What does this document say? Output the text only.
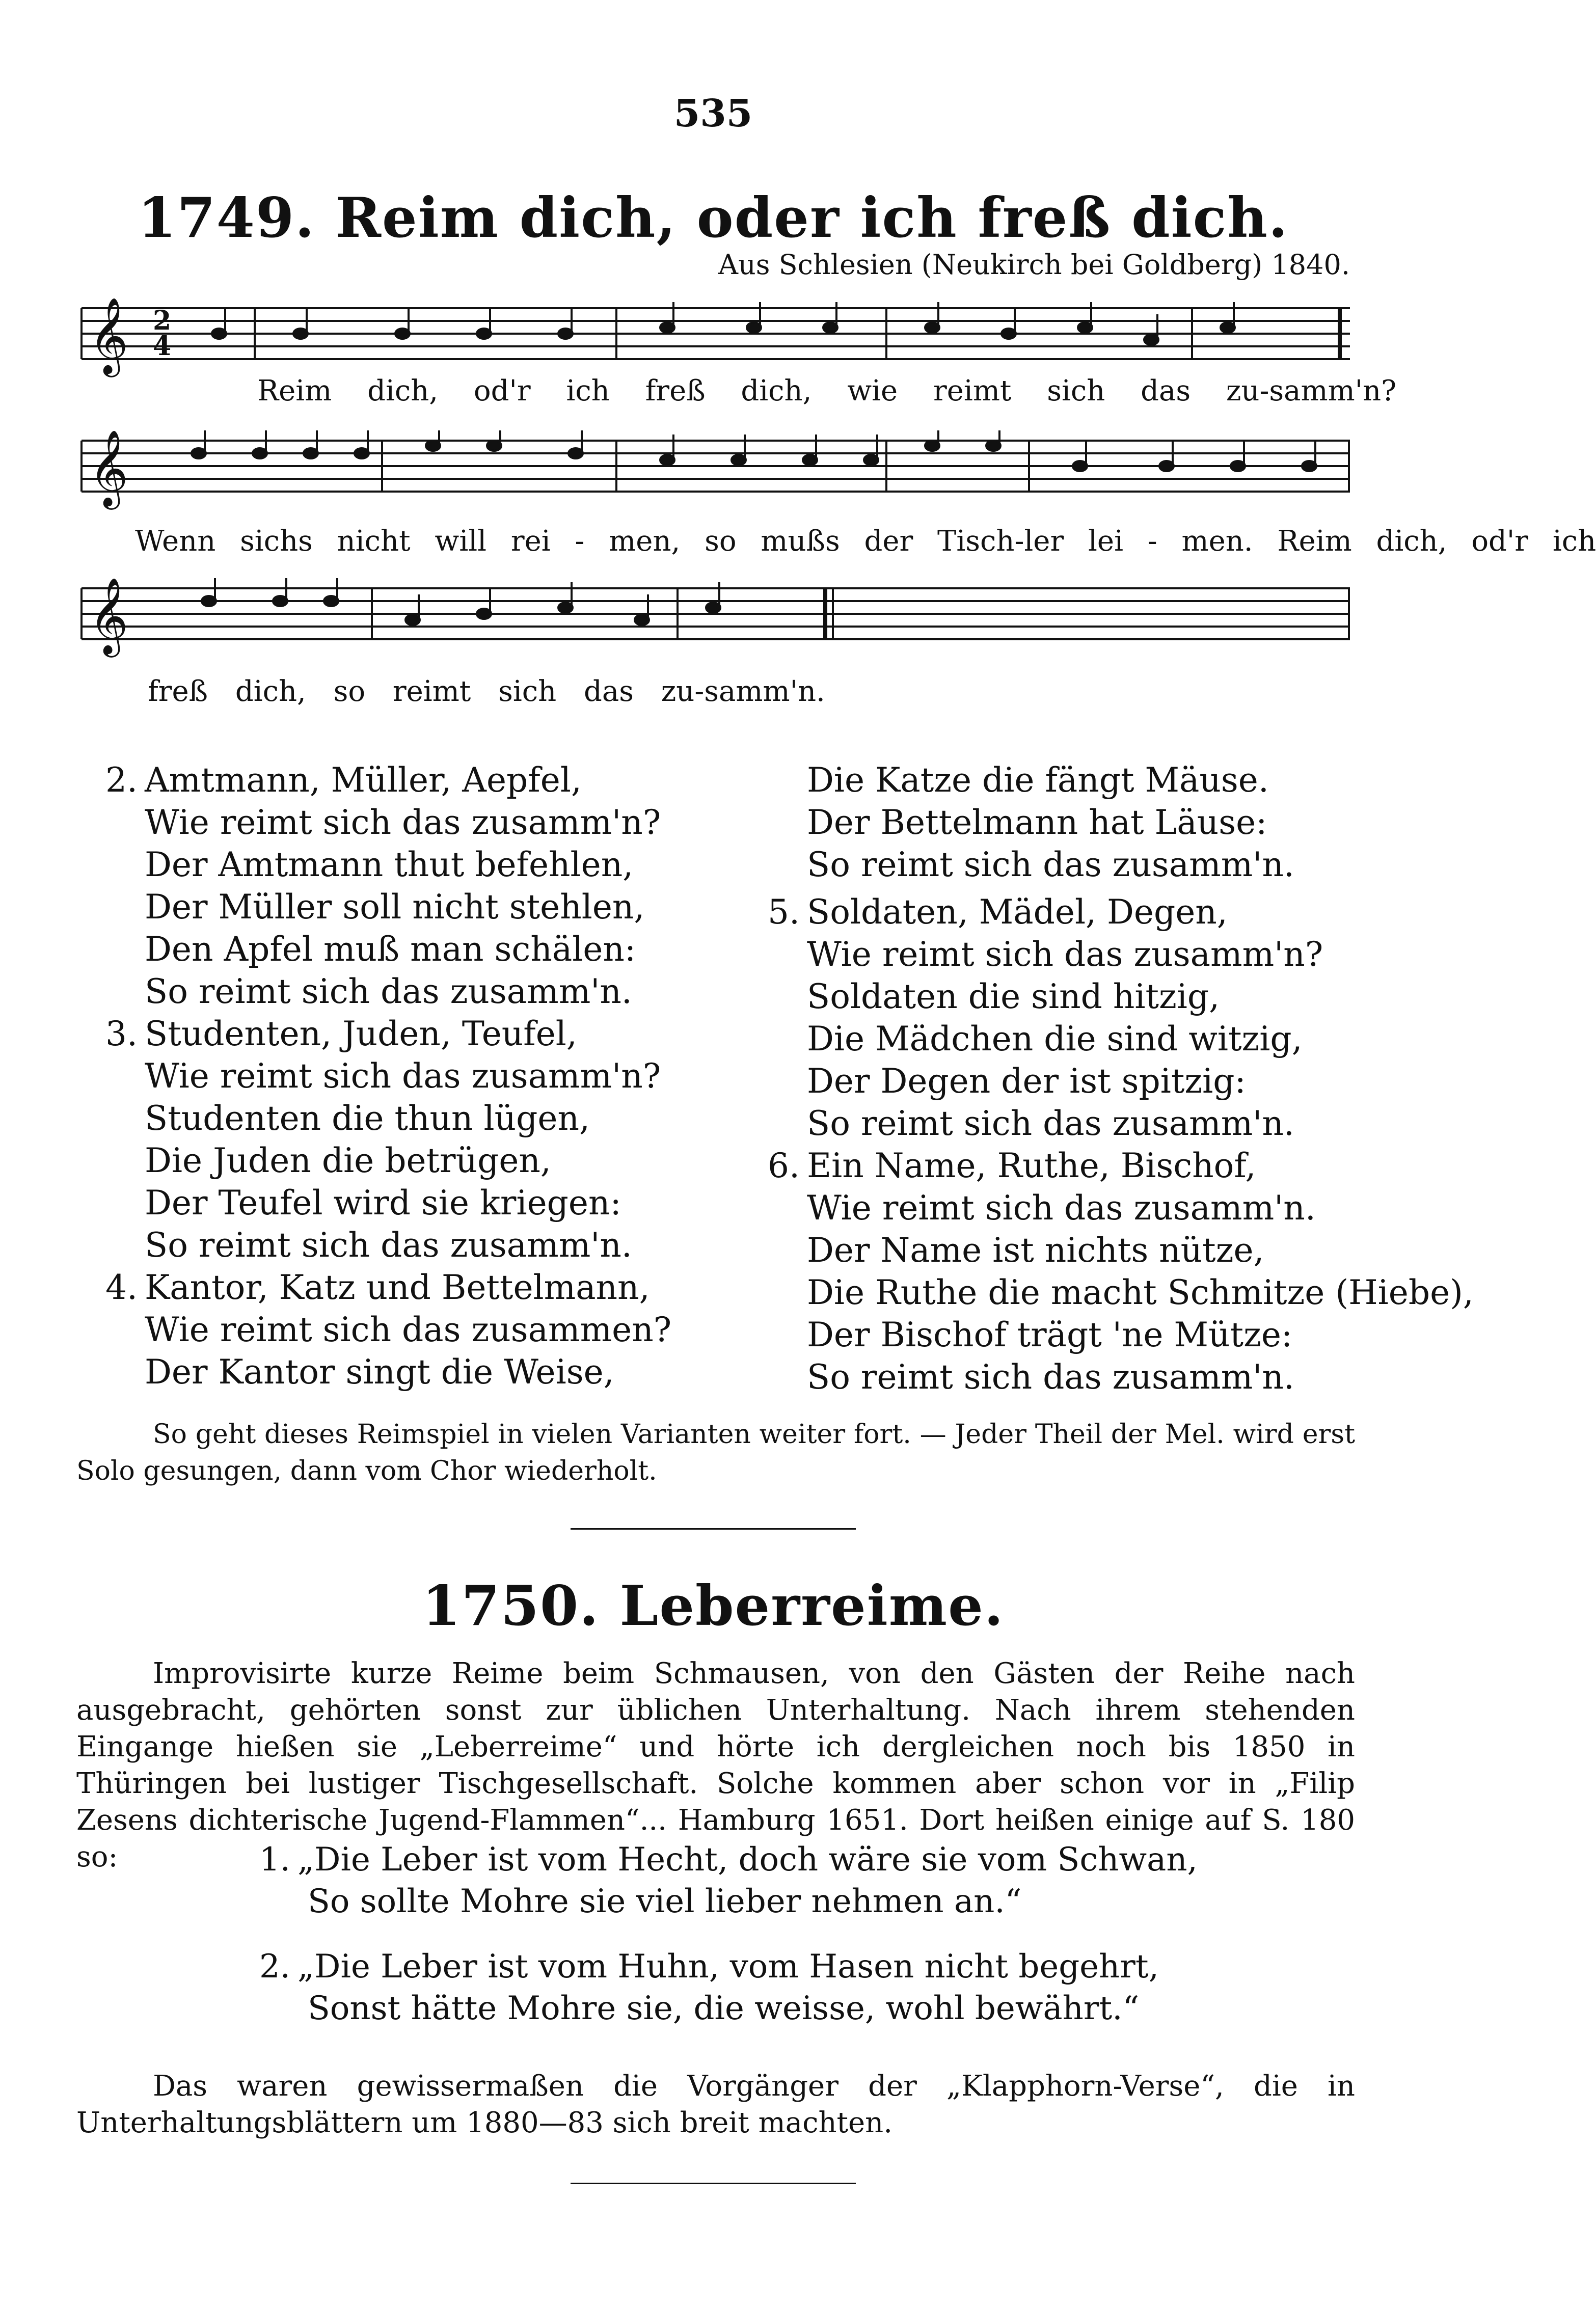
535
1749. Reim dich, oder ich freß dich.
Aus Schlesien (Neukirch bei Goldberg) 1840.
𝄞 2
4
Reim dich, od'r ich freß dich, wie reimt sich das zu-samm'n?
𝄞
Wenn sichs nicht will rei - men, so mußs der Tisch-ler lei - men. Reim dich, od'r ich
𝄞
freß dich, so reimt sich das zu-samm'n.
2. Amtmann, Müller, Aepfel,
Wie reimt sich das zusamm'n?
Der Amtmann thut befehlen,
Der Müller soll nicht stehlen,
Den Apfel muß man schälen:
So reimt sich das zusamm'n.
3. Studenten, Juden, Teufel,
Wie reimt sich das zusamm'n?
Studenten die thun lügen,
Die Juden die betrügen,
Der Teufel wird sie kriegen:
So reimt sich das zusamm'n.
4. Kantor, Katz und Bettelmann,
Wie reimt sich das zusammen?
Der Kantor singt die Weise,
Die Katze die fängt Mäuse.
Der Bettelmann hat Läuse:
So reimt sich das zusamm'n.
5. Soldaten, Mädel, Degen,
Wie reimt sich das zusamm'n?
Soldaten die sind hitzig,
Die Mädchen die sind witzig,
Der Degen der ist spitzig:
So reimt sich das zusamm'n.
6. Ein Name, Ruthe, Bischof,
Wie reimt sich das zusamm'n.
Der Name ist nichts nütze,
Die Ruthe die macht Schmitze (Hiebe),
Der Bischof trägt 'ne Mütze:
So reimt sich das zusamm'n.
So geht dieses Reimspiel in vielen Varianten weiter fort. — Jeder Theil der Mel. wird erst Solo gesungen, dann vom Chor wiederholt.
1750. Leberreime.
Improvisirte kurze Reime beim Schmausen, von den Gästen der Reihe nach ausgebracht, gehörten sonst zur üblichen Unterhaltung. Nach ihrem stehenden Eingange hießen sie „Leberreime“ und hörte ich dergleichen noch bis 1850 in Thüringen bei lustiger Tischgesellschaft. Solche kommen aber schon vor in „Filip Zesens dichterische Jugend-Flammen“... Hamburg 1651. Dort heißen einige auf S. 180 so:	1. „Die Leber ist vom Hecht, doch wäre sie vom Schwan,
So sollte Mohre sie viel lieber nehmen an.“
2. „Die Leber ist vom Huhn, vom Hasen nicht begehrt,
Sonst hätte Mohre sie, die weisse, wohl bewährt.“
Das waren gewissermaßen die Vorgänger der „Klapphorn-Verse“, die in Unterhaltungsblättern um 1880—83 sich breit machten.
